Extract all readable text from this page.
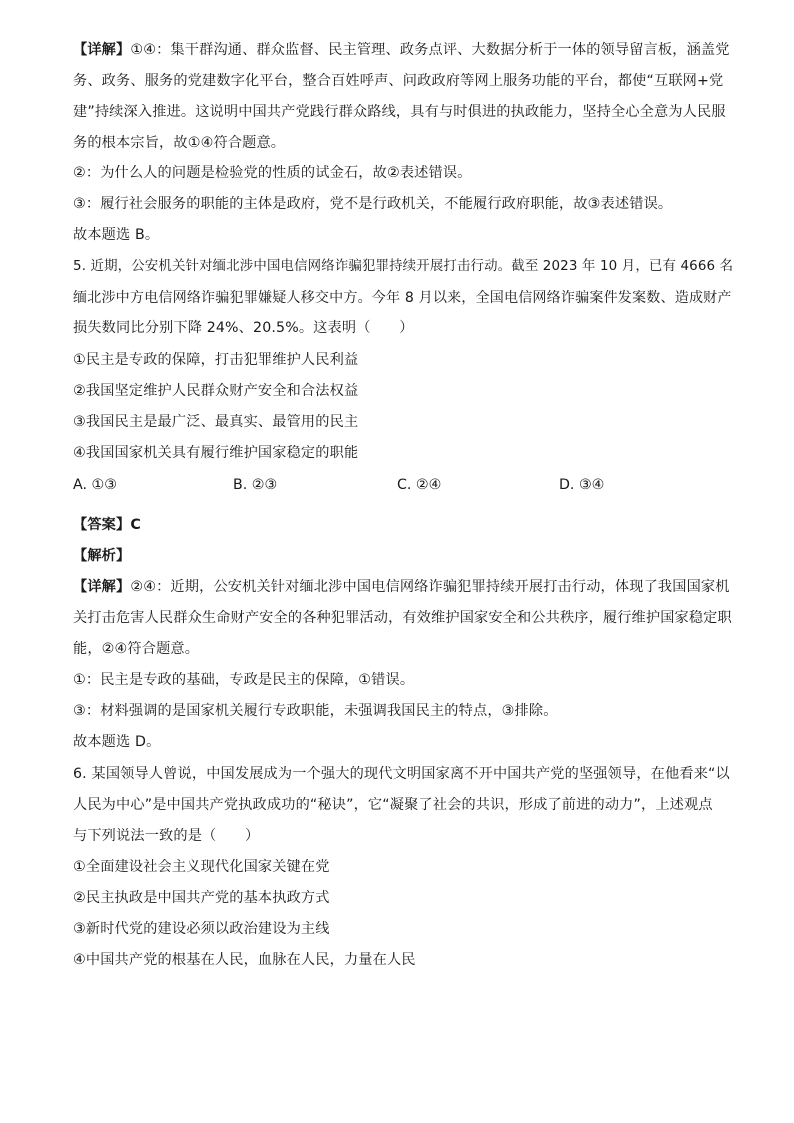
【详解】①④：集干群沟通、群众监督、民主管理、政务点评、大数据分析于一体的领导留言板，涵盖党
务、政务、服务的党建数字化平台，整合百姓呼声、问政政府等网上服务功能的平台，都使“互联网+党
建”持续深入推进。这说明中国共产党践行群众路线，具有与时俱进的执政能力，坚持全心全意为人民服
务的根本宗旨，故①④符合题意。
②：为什么人的问题是检验党的性质的试金石，故②表述错误。
③：履行社会服务的职能的主体是政府，党不是行政机关，不能履行政府职能，故③表述错误。
故本题选 B。
5. 近期，公安机关针对缅北涉中国电信网络诈骗犯罪持续开展打击行动。截至 2023 年 10 月，已有 4666 名
缅北涉中方电信网络诈骗犯罪嫌疑人移交中方。今年 8 月以来，全国电信网络诈骗案件发案数、造成财产
损失数同比分别下降 24%、20.5%。这表明（　　）
①民主是专政的保障，打击犯罪维护人民利益
②我国坚定维护人民群众财产安全和合法权益
③我国民主是最广泛、最真实、最管用的民主
④我国国家机关具有履行维护国家稳定的职能
A. ①③	B. ②③	C. ②④	D. ③④
【答案】C
【解析】
【详解】②④：近期，公安机关针对缅北涉中国电信网络诈骗犯罪持续开展打击行动，体现了我国国家机
关打击危害人民群众生命财产安全的各种犯罪活动，有效维护国家安全和公共秩序，履行维护国家稳定职
能，②④符合题意。
①：民主是专政的基础，专政是民主的保障，①错误。
③：材料强调的是国家机关履行专政职能，未强调我国民主的特点，③排除。
故本题选 D。
6. 某国领导人曾说，中国发展成为一个强大的现代文明国家离不开中国共产党的坚强领导，在他看来“以
人民为中心”是中国共产党执政成功的“秘诀”，它“凝聚了社会的共识，形成了前进的动力”，上述观点
与下列说法一致的是（　　）
①全面建设社会主义现代化国家关键在党
②民主执政是中国共产党的基本执政方式
③新时代党的建设必须以政治建设为主线
④中国共产党的根基在人民，血脉在人民，力量在人民
